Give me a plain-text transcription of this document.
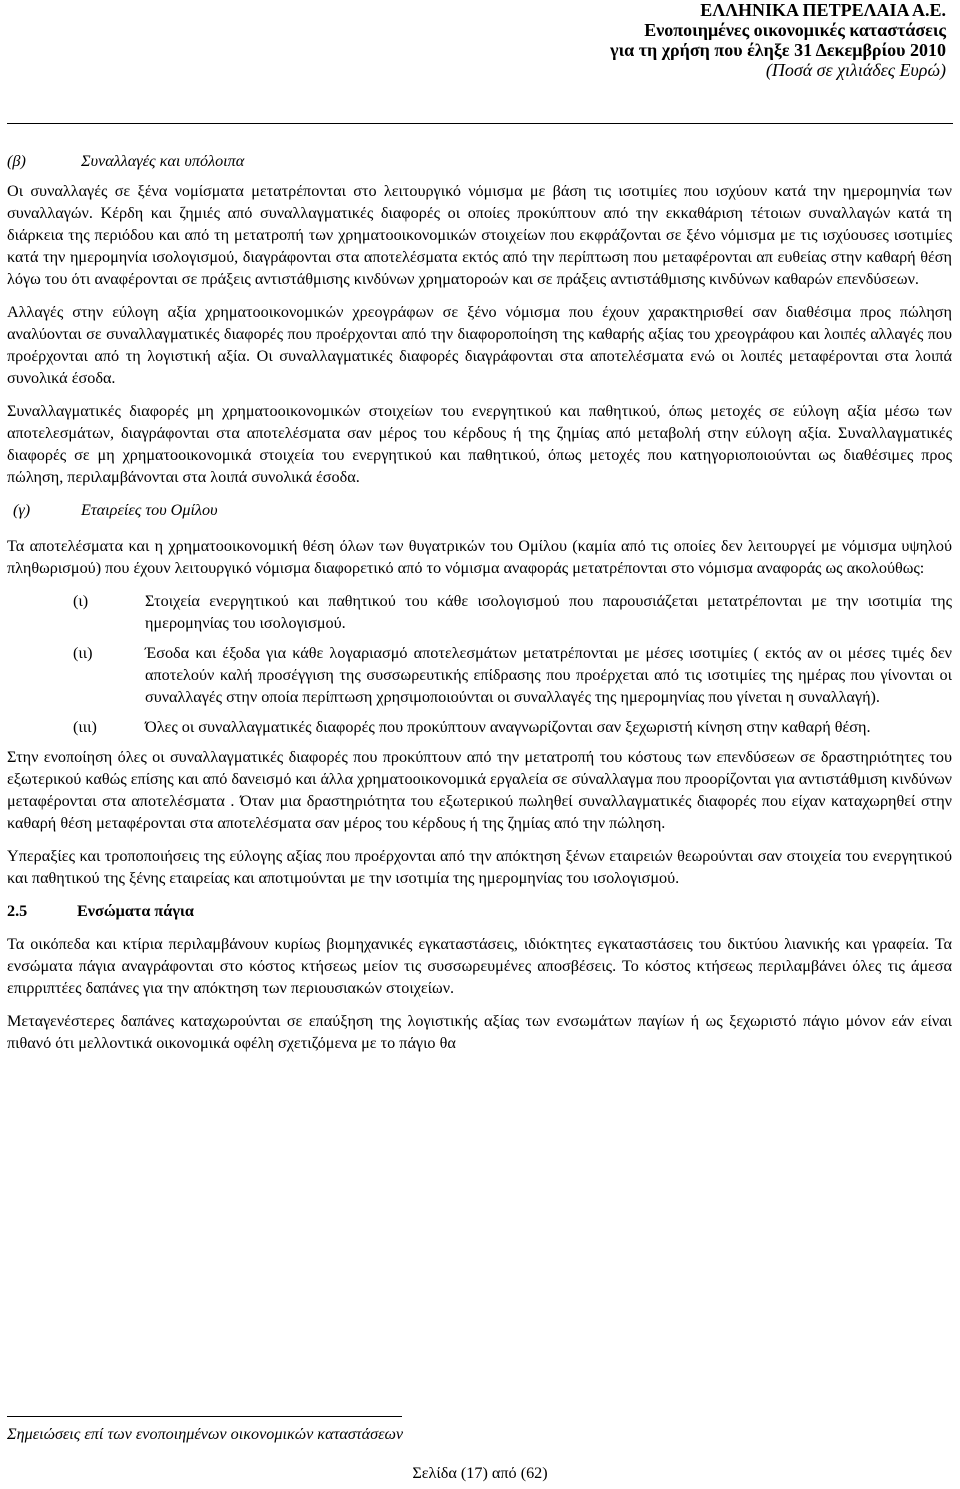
ΕΛΛΗΝΙΚΑ ΠΕΤΡΕΛΑΙΑ Α.Ε.
Ενοποιημένες οικονομικές καταστάσεις
για τη χρήση που έληξε 31 Δεκεμβρίου 2010
(Ποσά σε χιλιάδες Ευρώ)
(β)	Συναλλαγές και υπόλοιπα

Οι συναλλαγές σε ξένα νομίσματα μετατρέπονται στο λειτουργικό νόμισμα με βάση τις ισοτιμίες που ισχύουν κατά την ημερομηνία των συναλλαγών. Κέρδη και ζημιές από συναλλαγματικές διαφορές οι οποίες προκύπτουν από την εκκαθάριση τέτοιων συναλλαγών κατά τη διάρκεια της περιόδου και από τη μετατροπή των χρηματοοικονομικών στοιχείων που εκφράζονται σε ξένο νόμισμα με τις ισχύουσες ισοτιμίες κατά την ημερομηνία ισολογισμού, διαγράφονται στα αποτελέσματα εκτός από την περίπτωση που μεταφέρονται απ ευθείας στην καθαρή θέση λόγω του ότι αναφέρονται σε πράξεις αντιστάθμισης κινδύνων χρηματοροών και σε πράξεις αντιστάθμισης κινδύνων καθαρών επενδύσεων.

Αλλαγές στην εύλογη αξία χρηματοοικονομικών χρεογράφων σε ξένο νόμισμα που έχουν χαρακτηρισθεί σαν διαθέσιμα προς πώληση αναλύονται σε συναλλαγματικές διαφορές που προέρχονται από την διαφοροποίηση της καθαρής αξίας του χρεογράφου και λοιπές αλλαγές που προέρχονται από τη λογιστική αξία. Οι συναλλαγματικές διαφορές διαγράφονται στα αποτελέσματα ενώ οι λοιπές μεταφέρονται στα λοιπά συνολικά έσοδα.

Συναλλαγματικές διαφορές μη χρηματοοικονομικών στοιχείων του ενεργητικού και παθητικού, όπως μετοχές σε εύλογη αξία μέσω των αποτελεσμάτων, διαγράφονται στα αποτελέσματα σαν μέρος του κέρδους ή της ζημίας από μεταβολή στην εύλογη αξία. Συναλλαγματικές διαφορές σε μη χρηματοοικονομικά στοιχεία του ενεργητικού και παθητικού, όπως μετοχές που κατηγοριοποιούνται ως διαθέσιμες προς πώληση, περιλαμβάνονται στα λοιπά συνολικά έσοδα.

(γ)	Εταιρείες του Ομίλου

Τα αποτελέσματα και η χρηματοοικονομική θέση όλων των θυγατρικών του Ομίλου (καμία από τις οποίες δεν λειτουργεί με νόμισμα υψηλού πληθωρισμού) που έχουν λειτουργικό νόμισμα διαφορετικό από το νόμισμα αναφοράς μετατρέπονται στο νόμισμα αναφοράς ως ακολούθως:

(ι)	Στοιχεία ενεργητικού και παθητικού του κάθε ισολογισμού που παρουσιάζεται μετατρέπονται με την ισοτιμία της ημερομηνίας του ισολογισμού.
(ιι)	Έσοδα και έξοδα για κάθε λογαριασμό αποτελεσμάτων μετατρέπονται με μέσες ισοτιμίες ( εκτός αν οι μέσες τιμές δεν αποτελούν καλή προσέγγιση της συσσωρευτικής επίδρασης που προέρχεται από τις ισοτιμίες της ημέρας που γίνονται οι συναλλαγές στην οποία περίπτωση χρησιμοποιούνται οι συναλλαγές της ημερομηνίας που γίνεται η συναλλαγή).
(ιιι)	Όλες οι συναλλαγματικές διαφορές που προκύπτουν αναγνωρίζονται σαν ξεχωριστή κίνηση στην καθαρή θέση.

Στην ενοποίηση όλες οι συναλλαγματικές διαφορές που προκύπτουν από την μετατροπή του κόστους των επενδύσεων σε δραστηριότητες του εξωτερικού καθώς επίσης και από δανεισμό και άλλα χρηματοοικονομικά εργαλεία σε σύναλλαγμα που προορίζονται για αντιστάθμιση κινδύνων μεταφέρονται στα αποτελέσματα . Όταν μια δραστηριότητα του εξωτερικού πωληθεί συναλλαγματικές διαφορές που είχαν καταχωρηθεί στην καθαρή θέση μεταφέρονται στα αποτελέσματα σαν μέρος του κέρδους ή της ζημίας από την πώληση.

Υπεραξίες και τροποποιήσεις της εύλογης αξίας που προέρχονται από την απόκτηση ξένων εταιρειών θεωρούνται σαν στοιχεία του ενεργητικού και παθητικού της ξένης εταιρείας και αποτιμούνται με την ισοτιμία της ημερομηνίας του ισολογισμού.

2.5	Ενσώματα πάγια

Τα οικόπεδα και κτίρια περιλαμβάνουν κυρίως βιομηχανικές εγκαταστάσεις, ιδιόκτητες εγκαταστάσεις του δικτύου λιανικής και γραφεία. Τα ενσώματα πάγια αναγράφονται στο κόστος κτήσεως μείον τις συσσωρευμένες αποσβέσεις. Το κόστος κτήσεως περιλαμβάνει όλες τις άμεσα επιρριπτέες δαπάνες για την απόκτηση των περιουσιακών στοιχείων.

Μεταγενέστερες δαπάνες καταχωρούνται σε επαύξηση της λογιστικής αξίας των ενσωμάτων παγίων ή ως ξεχωριστό πάγιο μόνον εάν είναι πιθανό ότι μελλοντικά οικονομικά οφέλη σχετιζόμενα με το πάγιο θα

Σημειώσεις επί των ενοποιημένων οικονομικών καταστάσεων
Σελίδα (17) από (62)
